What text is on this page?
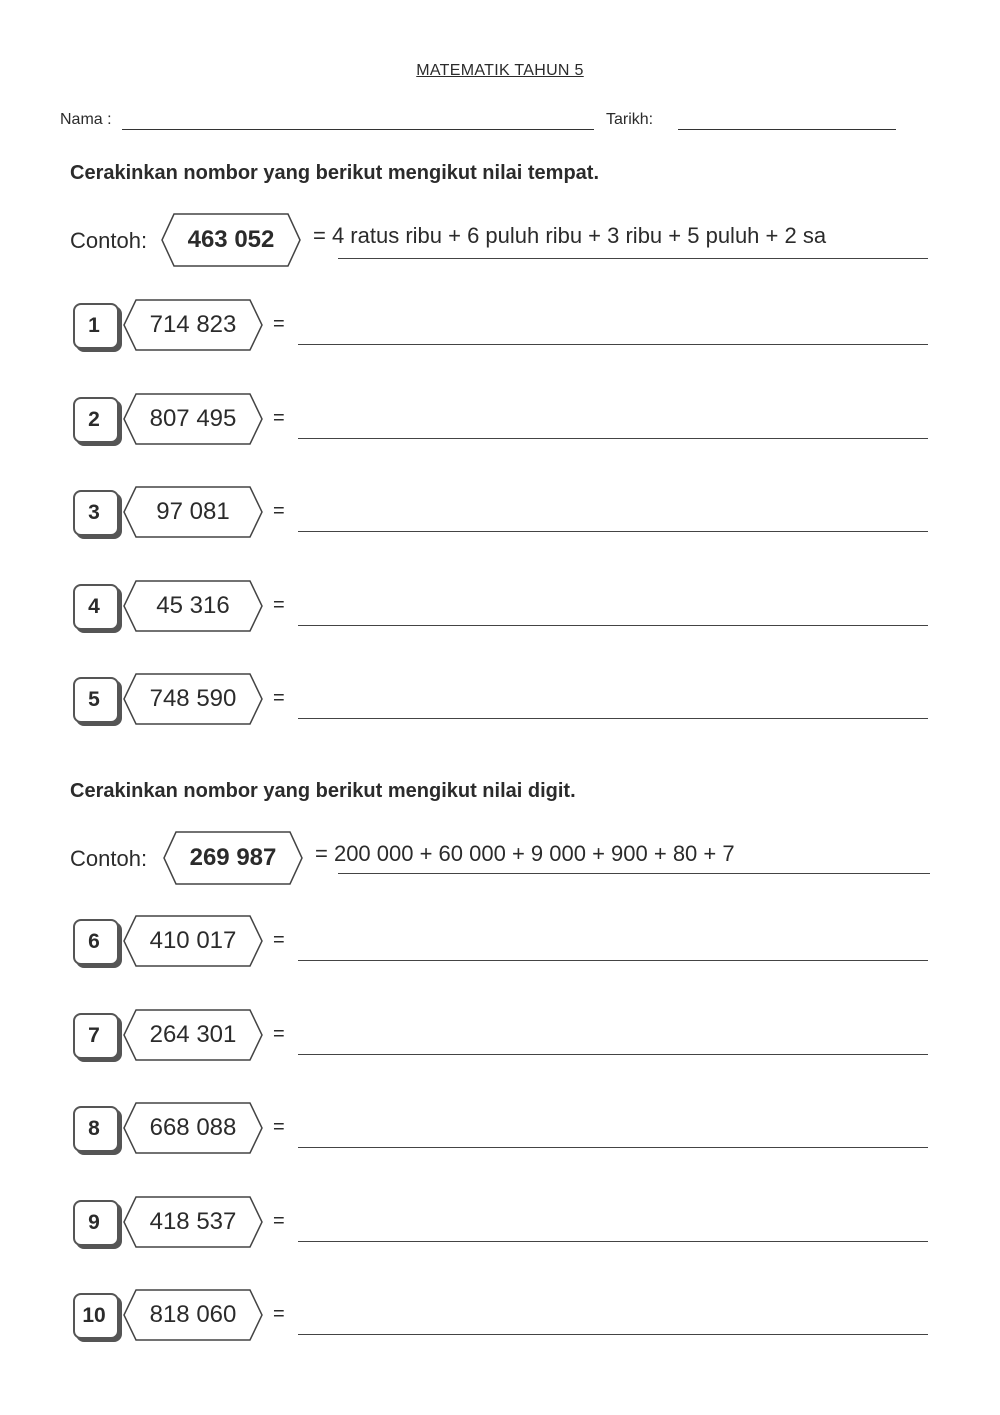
MATEMATIK TAHUN 5
Nama :	Tarikh:
Cerakinkan nombor yang berikut mengikut nilai tempat.
Contoh:	463 052	= 4 ratus ribu + 6 puluh ribu + 3 ribu + 5 puluh + 2 sa
1	714 823	=
2	807 495	=
3	97 081	=
4	45 316	=
5	748 590	=
Cerakinkan nombor yang berikut mengikut nilai digit.
Contoh:	269 987	= 200 000 + 60 000 + 9 000 + 900 + 80 + 7
6	410 017	=
7	264 301	=
8	668 088	=
9	418 537	=
10	818 060	=
